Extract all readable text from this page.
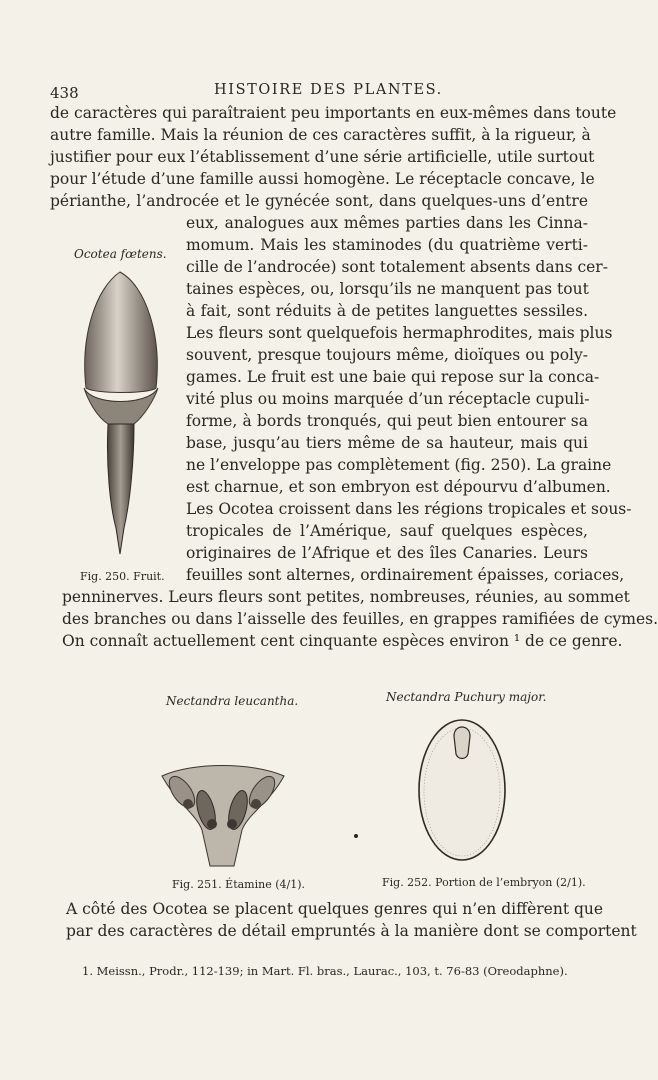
438	HISTOIRE DES PLANTES.
de caractères qui paraîtraient peu importants en eux-mêmes dans toute
autre famille. Mais la réunion de ces caractères suffit, à la rigueur, à
justifier pour eux l’établissement d’une série artificielle, utile surtout
pour l’étude d’une famille aussi homogène. Le réceptacle concave, le
périanthe, l’androcée et le gynécée sont, dans quelques-uns d’entre
eux, analogues aux mêmes parties dans les Cinna-
momum. Mais les staminodes (du quatrième verti-
cille de l’androcée) sont totalement absents dans cer-
taines espèces, ou, lorsqu’ils ne manquent pas tout
à fait, sont réduits à de petites languettes sessiles.
Les fleurs sont quelquefois hermaphrodites, mais plus
souvent, presque toujours même, dioïques ou poly-
games. Le fruit est une baie qui repose sur la conca-
vité plus ou moins marquée d’un réceptacle cupuli-
forme, à bords tronqués, qui peut bien entourer sa
base, jusqu’au tiers même de sa hauteur, mais qui
ne l’enveloppe pas complètement (fig. 250). La graine
est charnue, et son embryon est dépourvu d’albumen.
Les Ocotea croissent dans les régions tropicales et sous-
tropicales de l’Amérique, sauf quelques espèces,
originaires de l’Afrique et des îles Canaries. Leurs
feuilles sont alternes, ordinairement épaisses, coriaces,
penninerves. Leurs fleurs sont petites, nombreuses, réunies, au sommet
des branches ou dans l’aisselle des feuilles, en grappes ramifiées de cymes.
On connaît actuellement cent cinquante espèces environ ¹ de ce genre.
Ocotea fœtens.
Fig. 250. Fruit.
Nectandra leucantha.
Fig. 251. Étamine (4/1).
Nectandra Puchury major.
Fig. 252. Portion de l’embryon (2/1).
A côté des Ocotea se placent quelques genres qui n’en diffèrent que
par des caractères de détail empruntés à la manière dont se comportent
1. Meissn., Prodr., 112-139; in Mart. Fl. bras., Laurac., 103, t. 76-83 (Oreodaphne).
